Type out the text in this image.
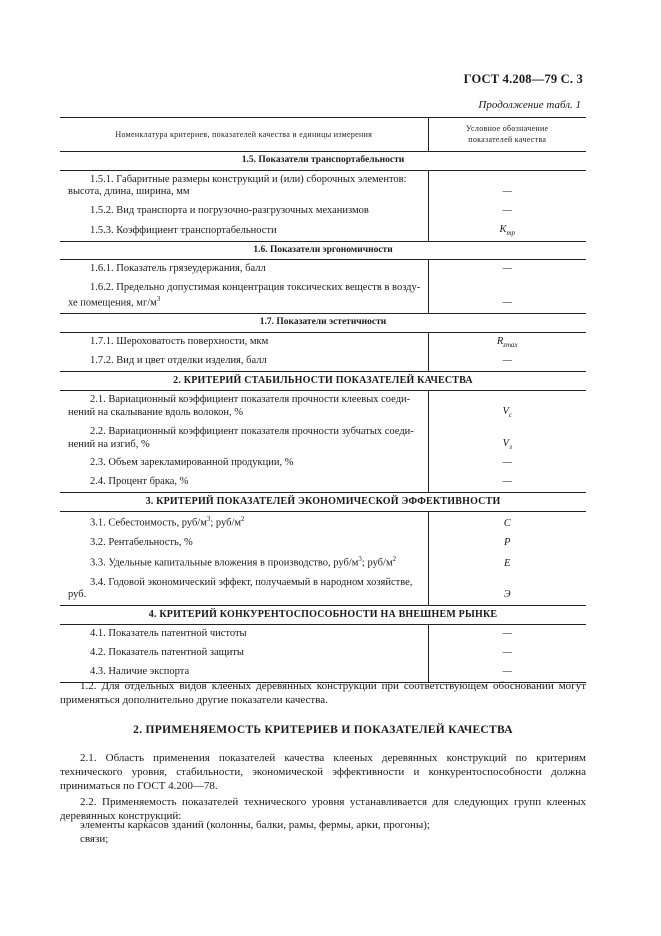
ГОСТ 4.208—79 С. 3
Продолжение табл. 1
Номенклатура критериев, показателей качества и единицы измерения	Условное обозначение показателей качества
1.5. Показатели транспортабельности	

1.5.1. Габаритные размеры конструкций и (или) сборочных элементов:
высота, длина, ширина, мм	—

1.5.2. Вид транспорта и погрузочно-разгрузочных механизмов	—

1.5.3. Коэффициент транспортабельности	$K_{тр}$
1.6. Показатели эргономичности	

1.6.1. Показатель грязеудержания, балл	—

1.6.2. Предельно допустимая концентрация токсических веществ в возду-
хе помещения, $мг/м^3$	—
1.7. Показатели эстетичности	

1.7.1. Шероховатость поверхности, мкм	$R_{zmax}$

1.7.2. Вид и цвет отделки изделия, балл	—
2. КРИТЕРИЙ СТАБИЛЬНОСТИ ПОКАЗАТЕЛЕЙ КАЧЕСТВА	

2.1. Вариационный коэффициент показателя прочности клеевых соеди-
нений на скалывание вдоль волокон, %	$V_c$

2.2. Вариационный коэффициент показателя прочности зубчатых соеди-
нений на изгиб, %	$V_з$

2.3. Объем зарекламированной продукции, %	—

2.4. Процент брака, %	—
3. КРИТЕРИЙ ПОКАЗАТЕЛЕЙ ЭКОНОМИЧЕСКОЙ ЭФФЕКТИВНОСТИ	

3.1. Себестоимость, руб/$м^3$; руб/$м^2$	С

3.2. Рентабельность, %	Р

3.3. Удельные капитальные вложения в производство, руб/$м^3$; руб/$м^2$	Е

3.4. Годовой экономический эффект, получаемый в народном хозяйстве,
руб.	Э
4. КРИТЕРИЙ КОНКУРЕНТОСПОСОБНОСТИ НА ВНЕШНЕМ РЫНКЕ	

4.1. Показатель патентной чистоты	—

4.2. Показатель патентной защиты	—

4.3. Наличие экспорта	—
1.2. Для отдельных видов клееных деревянных конструкций при соответствующем обосновании могут применяться дополнительно другие показатели качества.
2. ПРИМЕНЯЕМОСТЬ КРИТЕРИЕВ И ПОКАЗАТЕЛЕЙ КАЧЕСТВА
2.1. Область применения показателей качества клееных деревянных конструкций по критериям технического уровня, стабильности, экономической эффективности и конкурентоспособности должна приниматься по ГОСТ 4.200—78.
2.2. Применяемость показателей технического уровня устанавливается для следующих групп клееных деревянных конструкций:
элементы каркасов зданий (колонны, балки, рамы, фермы, арки, прогоны);
связи;
